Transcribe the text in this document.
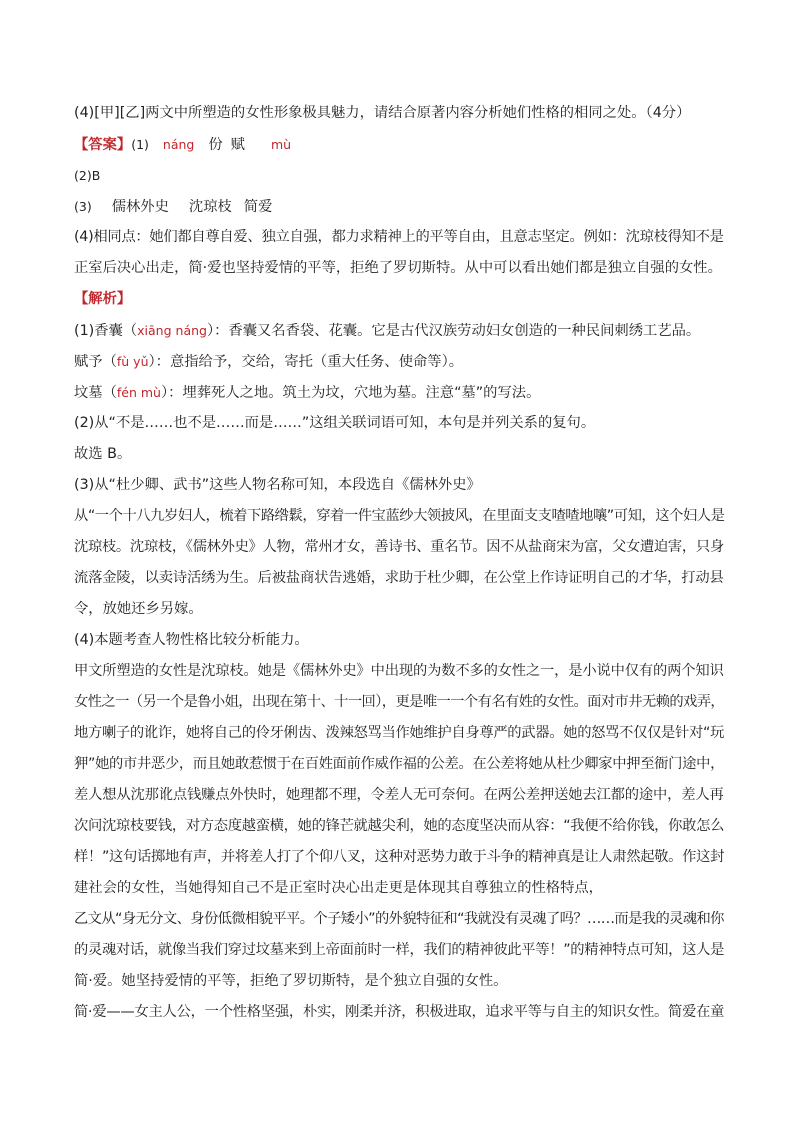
(4)[甲][乙]两文中所塑造的女性形象极具魅力，请结合原著内容分析她们性格的相同之处。（4分）
【答案】(1) náng 份 赋 mù
(2)B
(3) 儒林外史 沈琼枝 简爱
(4)相同点：她们都自尊自爱、独立自强，都力求精神上的平等自由，且意志坚定。例如：沈琼枝得知不是
正室后决心出走，简·爱也坚持爱情的平等，拒绝了罗切斯特。从中可以看出她们都是独立自强的女性。
【解析】
(1)香囊（xiāng náng）：香囊又名香袋、花囊。它是古代汉族劳动妇女创造的一种民间刺绣工艺品。
赋予（fù yǔ）：意指给予，交给，寄托（重大任务、使命等）。
坟墓（fén mù）：埋葬死人之地。筑土为坟，穴地为墓。注意“墓”的写法。
(2)从“不是……也不是……而是……”这组关联词语可知，本句是并列关系的复句。
故选 B。
(3)从“杜少卿、武书”这些人物名称可知，本段选自《儒林外史》
从“一个十八九岁妇人，梳着下路绺鬏，穿着一件宝蓝纱大领披风，在里面支支喳喳地嚷”可知，这个妇人是
沈琼枝。沈琼枝，《儒林外史》人物，常州才女，善诗书、重名节。因不从盐商宋为富，父女遭迫害，只身
流落金陵，以卖诗活绣为生。后被盐商状告逃婚，求助于杜少卿，在公堂上作诗证明自己的才华，打动县
令，放她还乡另嫁。
(4)本题考查人物性格比较分析能力。
甲文所塑造的女性是沈琼枝。她是《儒林外史》中出现的为数不多的女性之一，是小说中仅有的两个知识
女性之一（另一个是鲁小姐，出现在第十、十一回），更是唯一一个有名有姓的女性。面对市井无赖的戏弄，
地方喇子的讹诈，她将自己的伶牙俐齿、泼辣怒骂当作她维护自身尊严的武器。她的怒骂不仅仅是针对“玩
狎”她的市井恶少，而且她敢惹惯于在百姓面前作威作福的公差。在公差将她从杜少卿家中押至衙门途中，
差人想从沈那讹点钱赚点外快时，她理都不理，令差人无可奈何。在两公差押送她去江都的途中，差人再
次问沈琼枝要钱，对方态度越蛮横，她的锋芒就越尖利，她的态度坚决而从容：“我便不给你钱，你敢怎么
样！”这句话掷地有声，并将差人打了个仰八叉，这种对恶势力敢于斗争的精神真是让人肃然起敬。作这封
建社会的女性，当她得知自己不是正室时决心出走更是体现其自尊独立的性格特点，
乙文从“身无分文、身份低微相貌平平。个子矮小”的外貌特征和“我就没有灵魂了吗？……而是我的灵魂和你
的灵魂对话，就像当我们穿过坟墓来到上帝面前时一样，我们的精神彼此平等！”的精神特点可知，这人是
简·爱。她坚持爱情的平等，拒绝了罗切斯特，是个独立自强的女性。
简·爱——女主人公，一个性格坚强，朴实，刚柔并济，积极进取，追求平等与自主的知识女性。简爱在童
